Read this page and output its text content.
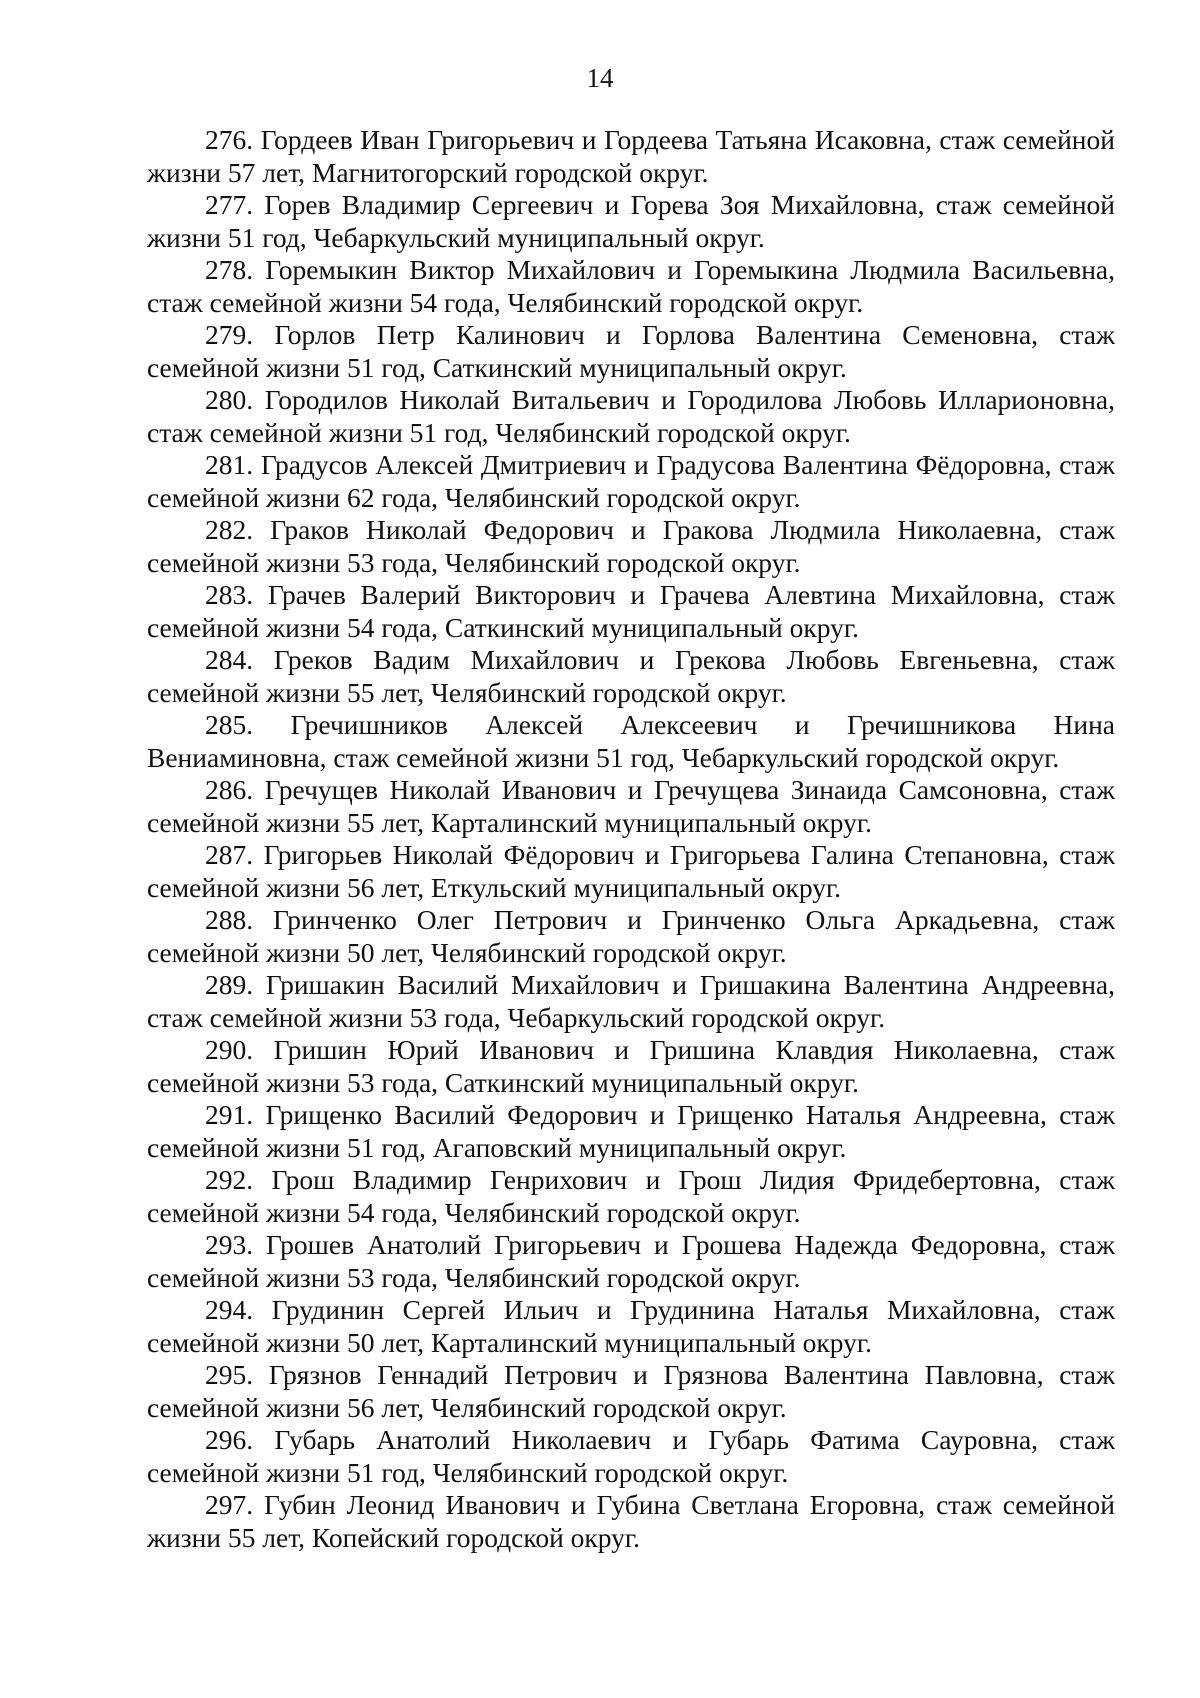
14

276. Гордеев Иван Григорьевич и Гордеева Татьяна Исаковна, стаж семейной жизни 57 лет, Магнитогорский городской округ.

277. Горев Владимир Сергеевич и Горева Зоя Михайловна, стаж семейной жизни 51 год, Чебаркульский муниципальный округ.

278. Горемыкин Виктор Михайлович и Горемыкина Людмила Васильевна, стаж семейной жизни 54 года, Челябинский городской округ.

279. Горлов Петр Калинович и Горлова Валентина Семеновна, стаж семейной жизни 51 год, Саткинский муниципальный округ.

280. Городилов Николай Витальевич и Городилова Любовь Илларионовна, стаж семейной жизни 51 год, Челябинский городской округ.

281. Градусов Алексей Дмитриевич и Градусова Валентина Фёдоровна, стаж семейной жизни 62 года, Челябинский городской округ.

282. Граков Николай Федорович и Гракова Людмила Николаевна, стаж семейной жизни 53 года, Челябинский городской округ.

283. Грачев Валерий Викторович и Грачева Алевтина Михайловна, стаж семейной жизни 54 года, Саткинский муниципальный округ.

284. Греков Вадим Михайлович и Грекова Любовь Евгеньевна, стаж семейной жизни 55 лет, Челябинский городской округ.

285. Гречишников Алексей Алексеевич и Гречишникова Нина Вениаминовна, стаж семейной жизни 51 год, Чебаркульский городской округ.

286. Гречущев Николай Иванович и Гречущева Зинаида Самсоновна, стаж семейной жизни 55 лет, Карталинский муниципальный округ.

287. Григорьев Николай Фёдорович и Григорьева Галина Степановна, стаж семейной жизни 56 лет, Еткульский муниципальный округ.

288. Гринченко Олег Петрович и Гринченко Ольга Аркадьевна, стаж семейной жизни 50 лет, Челябинский городской округ.

289. Гришакин Василий Михайлович и Гришакина Валентина Андреевна, стаж семейной жизни 53 года, Чебаркульский городской округ.

290. Гришин Юрий Иванович и Гришина Клавдия Николаевна, стаж семейной жизни 53 года, Саткинский муниципальный округ.

291. Грищенко Василий Федорович и Грищенко Наталья Андреевна, стаж семейной жизни 51 год, Агаповский муниципальный округ.

292. Грош Владимир Генрихович и Грош Лидия Фридебертовна, стаж семейной жизни 54 года, Челябинский городской округ.

293. Грошев Анатолий Григорьевич и Грошева Надежда Федоровна, стаж семейной жизни 53 года, Челябинский городской округ.

294. Грудинин Сергей Ильич и Грудинина Наталья Михайловна, стаж семейной жизни 50 лет, Карталинский муниципальный округ.

295. Грязнов Геннадий Петрович и Грязнова Валентина Павловна, стаж семейной жизни 56 лет, Челябинский городской округ.

296. Губарь Анатолий Николаевич и Губарь Фатима Сауровна, стаж семейной жизни 51 год, Челябинский городской округ.

297. Губин Леонид Иванович и Губина Светлана Егоровна, стаж семейной жизни 55 лет, Копейский городской округ.
